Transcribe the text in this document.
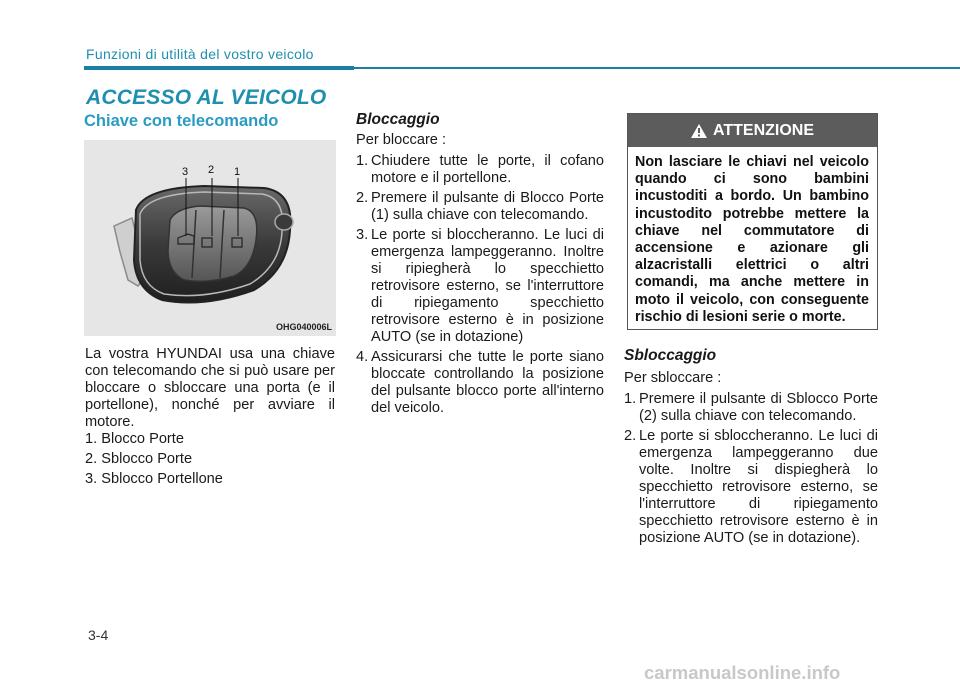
Funzioni di utilità del vostro veicolo
ACCESSO AL VEICOLO
Chiave con telecomando
3 2 1
OHG040006L
La vostra HYUNDAI usa una chiave con telecomando che si può usare per bloccare o sbloccare una porta (e il portellone), nonché per avviare il motore.
1. Blocco Porte
2. Sblocco Porte
3. Sblocco Portellone
Bloccaggio
Per bloccare :
1. Chiudere tutte le porte, il cofano motore e il portellone.
2. Premere il pulsante di Blocco Porte (1) sulla chiave con telecomando.
3. Le porte si bloccheranno. Le luci di emergenza lampeggeranno. Inoltre si ripiegherà lo specchietto retrovisore esterno, se l'interruttore di ripiegamento specchietto retrovisore esterno è in posizione AUTO (se in dotazione)
4. Assicurarsi che tutte le porte siano bloccate controllando la posizione del pulsante blocco porte all'interno del veicolo.
ATTENZIONE
Non lasciare le chiavi nel veicolo quando ci sono bambini incustoditi a bordo. Un bambino incustodito potrebbe mettere la chiave nel commutatore di accensione e azionare gli alzacristalli elettrici o altri comandi, ma anche mettere in moto il veicolo, con conseguente rischio di lesioni serie o morte.
Sbloccaggio
Per sbloccare :
1. Premere il pulsante di Sblocco Porte (2) sulla chiave con telecomando.
2. Le porte si sbloccheranno. Le luci di emergenza lampeggeranno due volte. Inoltre si dispiegherà lo specchietto retrovisore esterno, se l'interruttore di ripiegamento specchietto retrovisore esterno è in posizione AUTO (se in dotazione).
3-4
carmanualsonline.info
